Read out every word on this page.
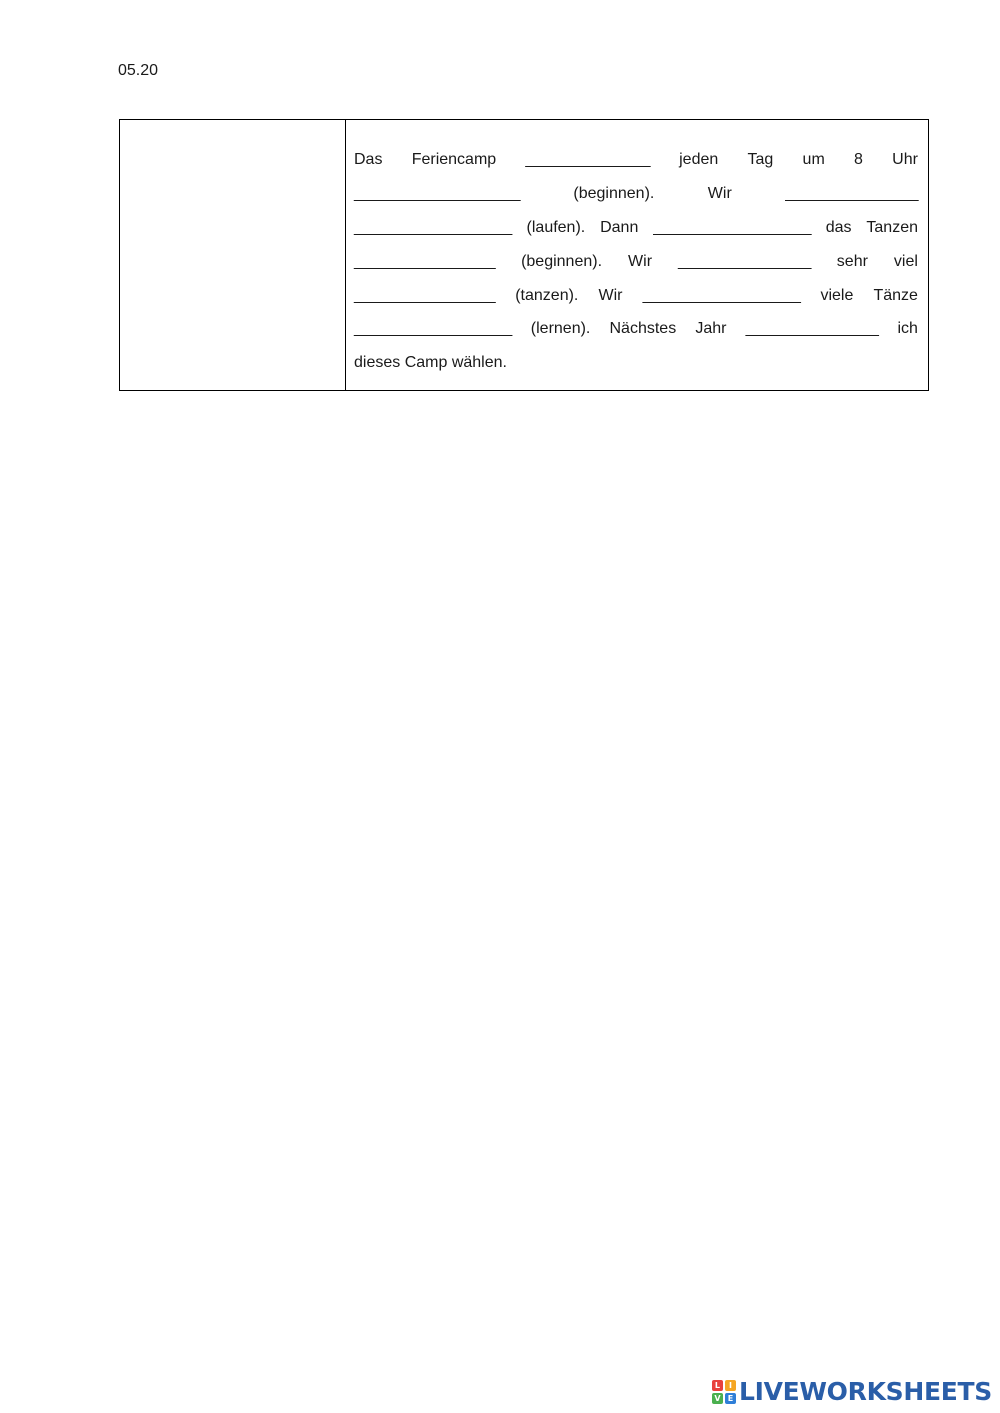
05.20
Das Feriencamp _______________ jeden Tag um 8 Uhr
____________________	(beginnen).	Wir	________________
___________________ (laufen). Dann ___________________ das Tanzen
_________________ (beginnen). Wir ________________ sehr viel
_________________ (tanzen). Wir ___________________ viele Tänze
___________________ (lernen). Nächstes Jahr ________________ ich
dieses Camp wählen.
L	I
V E LIVEWORKSHEETS
